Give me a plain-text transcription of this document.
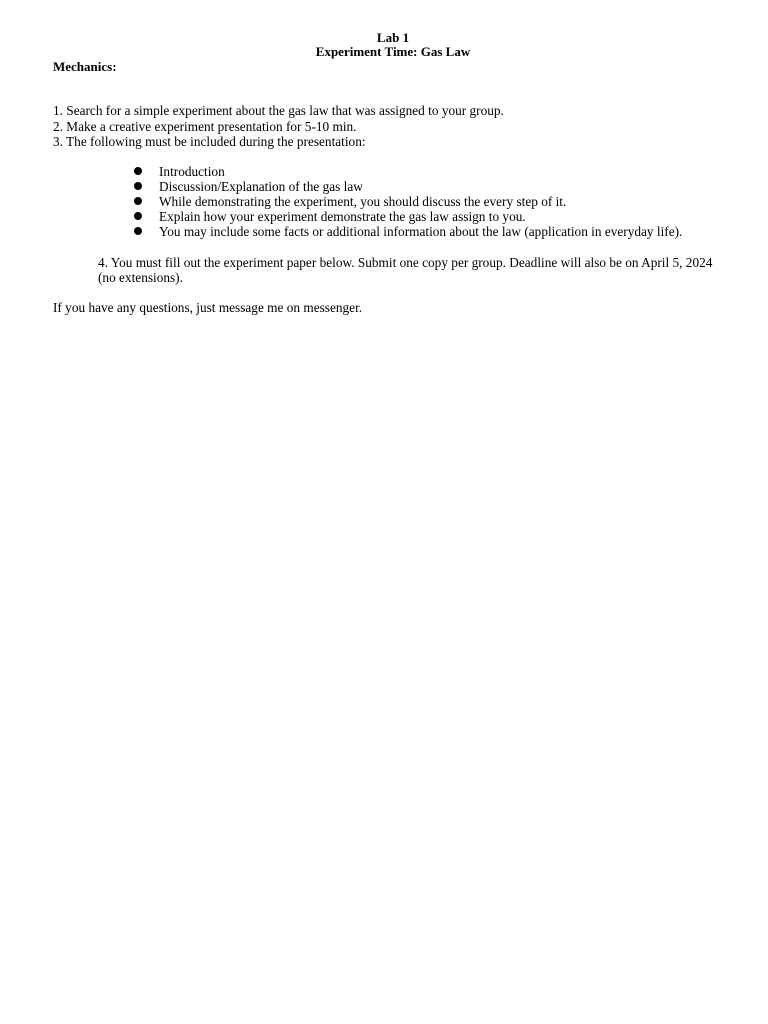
Lab 1
Experiment Time: Gas Law
Mechanics:
1. Search for a simple experiment about the gas law that was assigned to your group.
2. Make a creative experiment presentation for 5-10 min.
3. The following must be included during the presentation:
Introduction
Discussion/Explanation of the gas law
While demonstrating the experiment, you should discuss the every step of it.
Explain how your experiment demonstrate the gas law assign to you.
You may include some facts or additional information about the law (application in everyday life).
4. You must fill out the experiment paper below. Submit one copy per group. Deadline will also be on April 5, 2024 (no extensions).
If you have any questions, just message me on messenger.
